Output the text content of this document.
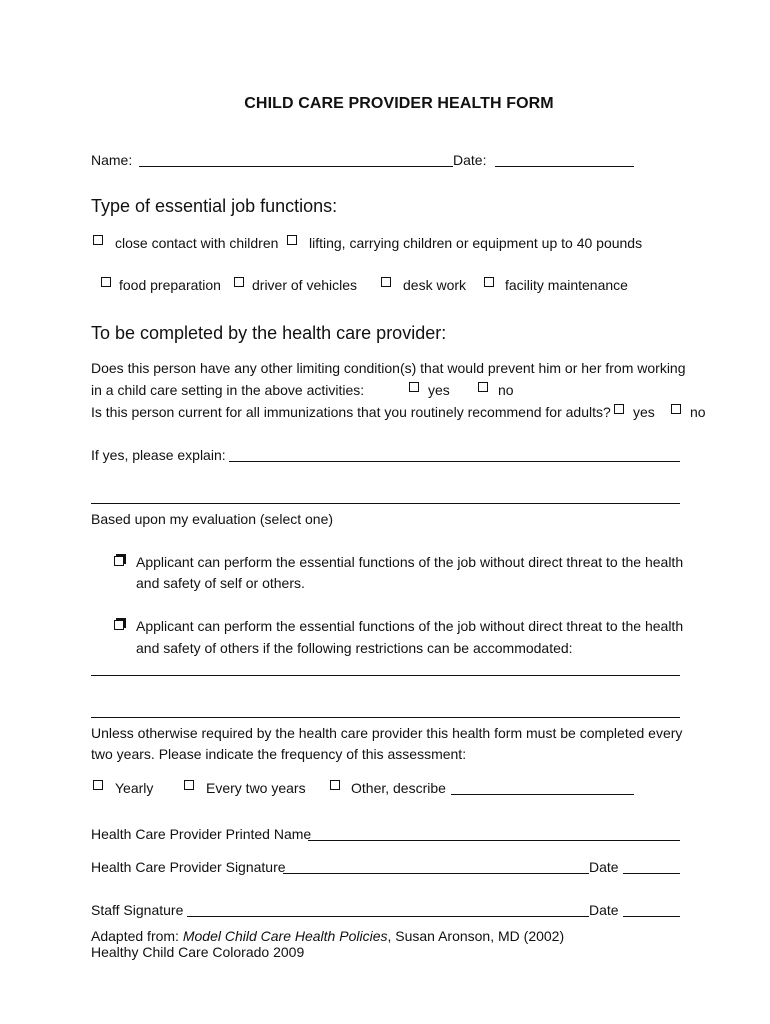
CHILD CARE PROVIDER HEALTH FORM
Name:	Date:
Type of essential job functions:
close contact with children lifting, carrying children or equipment up to 40 pounds
food preparation driver of vehicles	desk work	facility maintenance
To be completed by the health care provider:
Does this person have any other limiting condition(s) that would prevent him or her from working
in a child care setting in the above activities:	yes	no
Is this person current for all immunizations that you routinely recommend for adults? yes	no
If yes, please explain:
Based upon my evaluation (select one)
Applicant can perform the essential functions of the job without direct threat to the health
and safety of self or others.
Applicant can perform the essential functions of the job without direct threat to the health
and safety of others if the following restrictions can be accommodated:
Unless otherwise required by the health care provider this health form must be completed every
two years. Please indicate the frequency of this assessment:
Yearly	Every two years	Other, describe
Health Care Provider Printed Name
Health Care Provider Signature	Date
Staff Signature	Date
Adapted from: Model Child Care Health Policies, Susan Aronson, MD (2002)
Healthy Child Care Colorado 2009
